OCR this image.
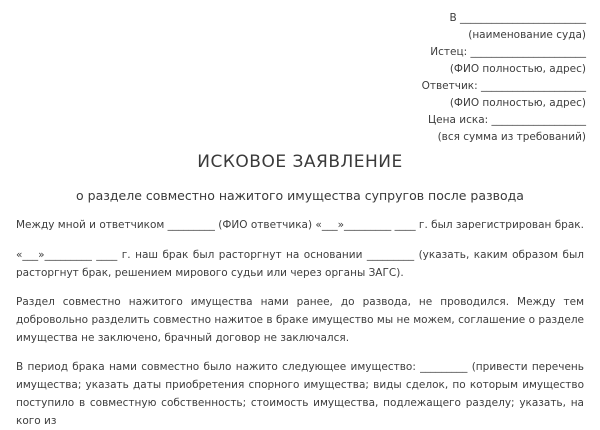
В ________________________
(наименование суда)
Истец: ______________________
(ФИО полностью, адрес)
Ответчик: ____________________
(ФИО полностью, адрес)
Цена иска: __________________
(вся сумма из требований)
ИСКОВОЕ ЗАЯВЛЕНИЕ
о разделе совместно нажитого имущества супругов после развода

Между мной и ответчиком _________ (ФИО ответчика) «___»_________ ____ г. был зарегистрирован брак.

«___»_________ ____ г. наш брак был расторгнут на основании _________ (указать, каким образом был расторгнут брак, решением мирового судьи или через органы ЗАГС).

Раздел совместно нажитого имущества нами ранее, до развода, не проводился. Между тем добровольно разделить совместно нажитое в браке имущество мы не можем, соглашение о разделе имущества не заключено, брачный договор не заключался.

В период брака нами совместно было нажито следующее имущество: _________ (привести перечень имущества; указать даты приобретения спорного имущества; виды сделок, по которым имущество поступило в совместную собственность; стоимость имущества, подлежащего разделу; указать, на кого из
